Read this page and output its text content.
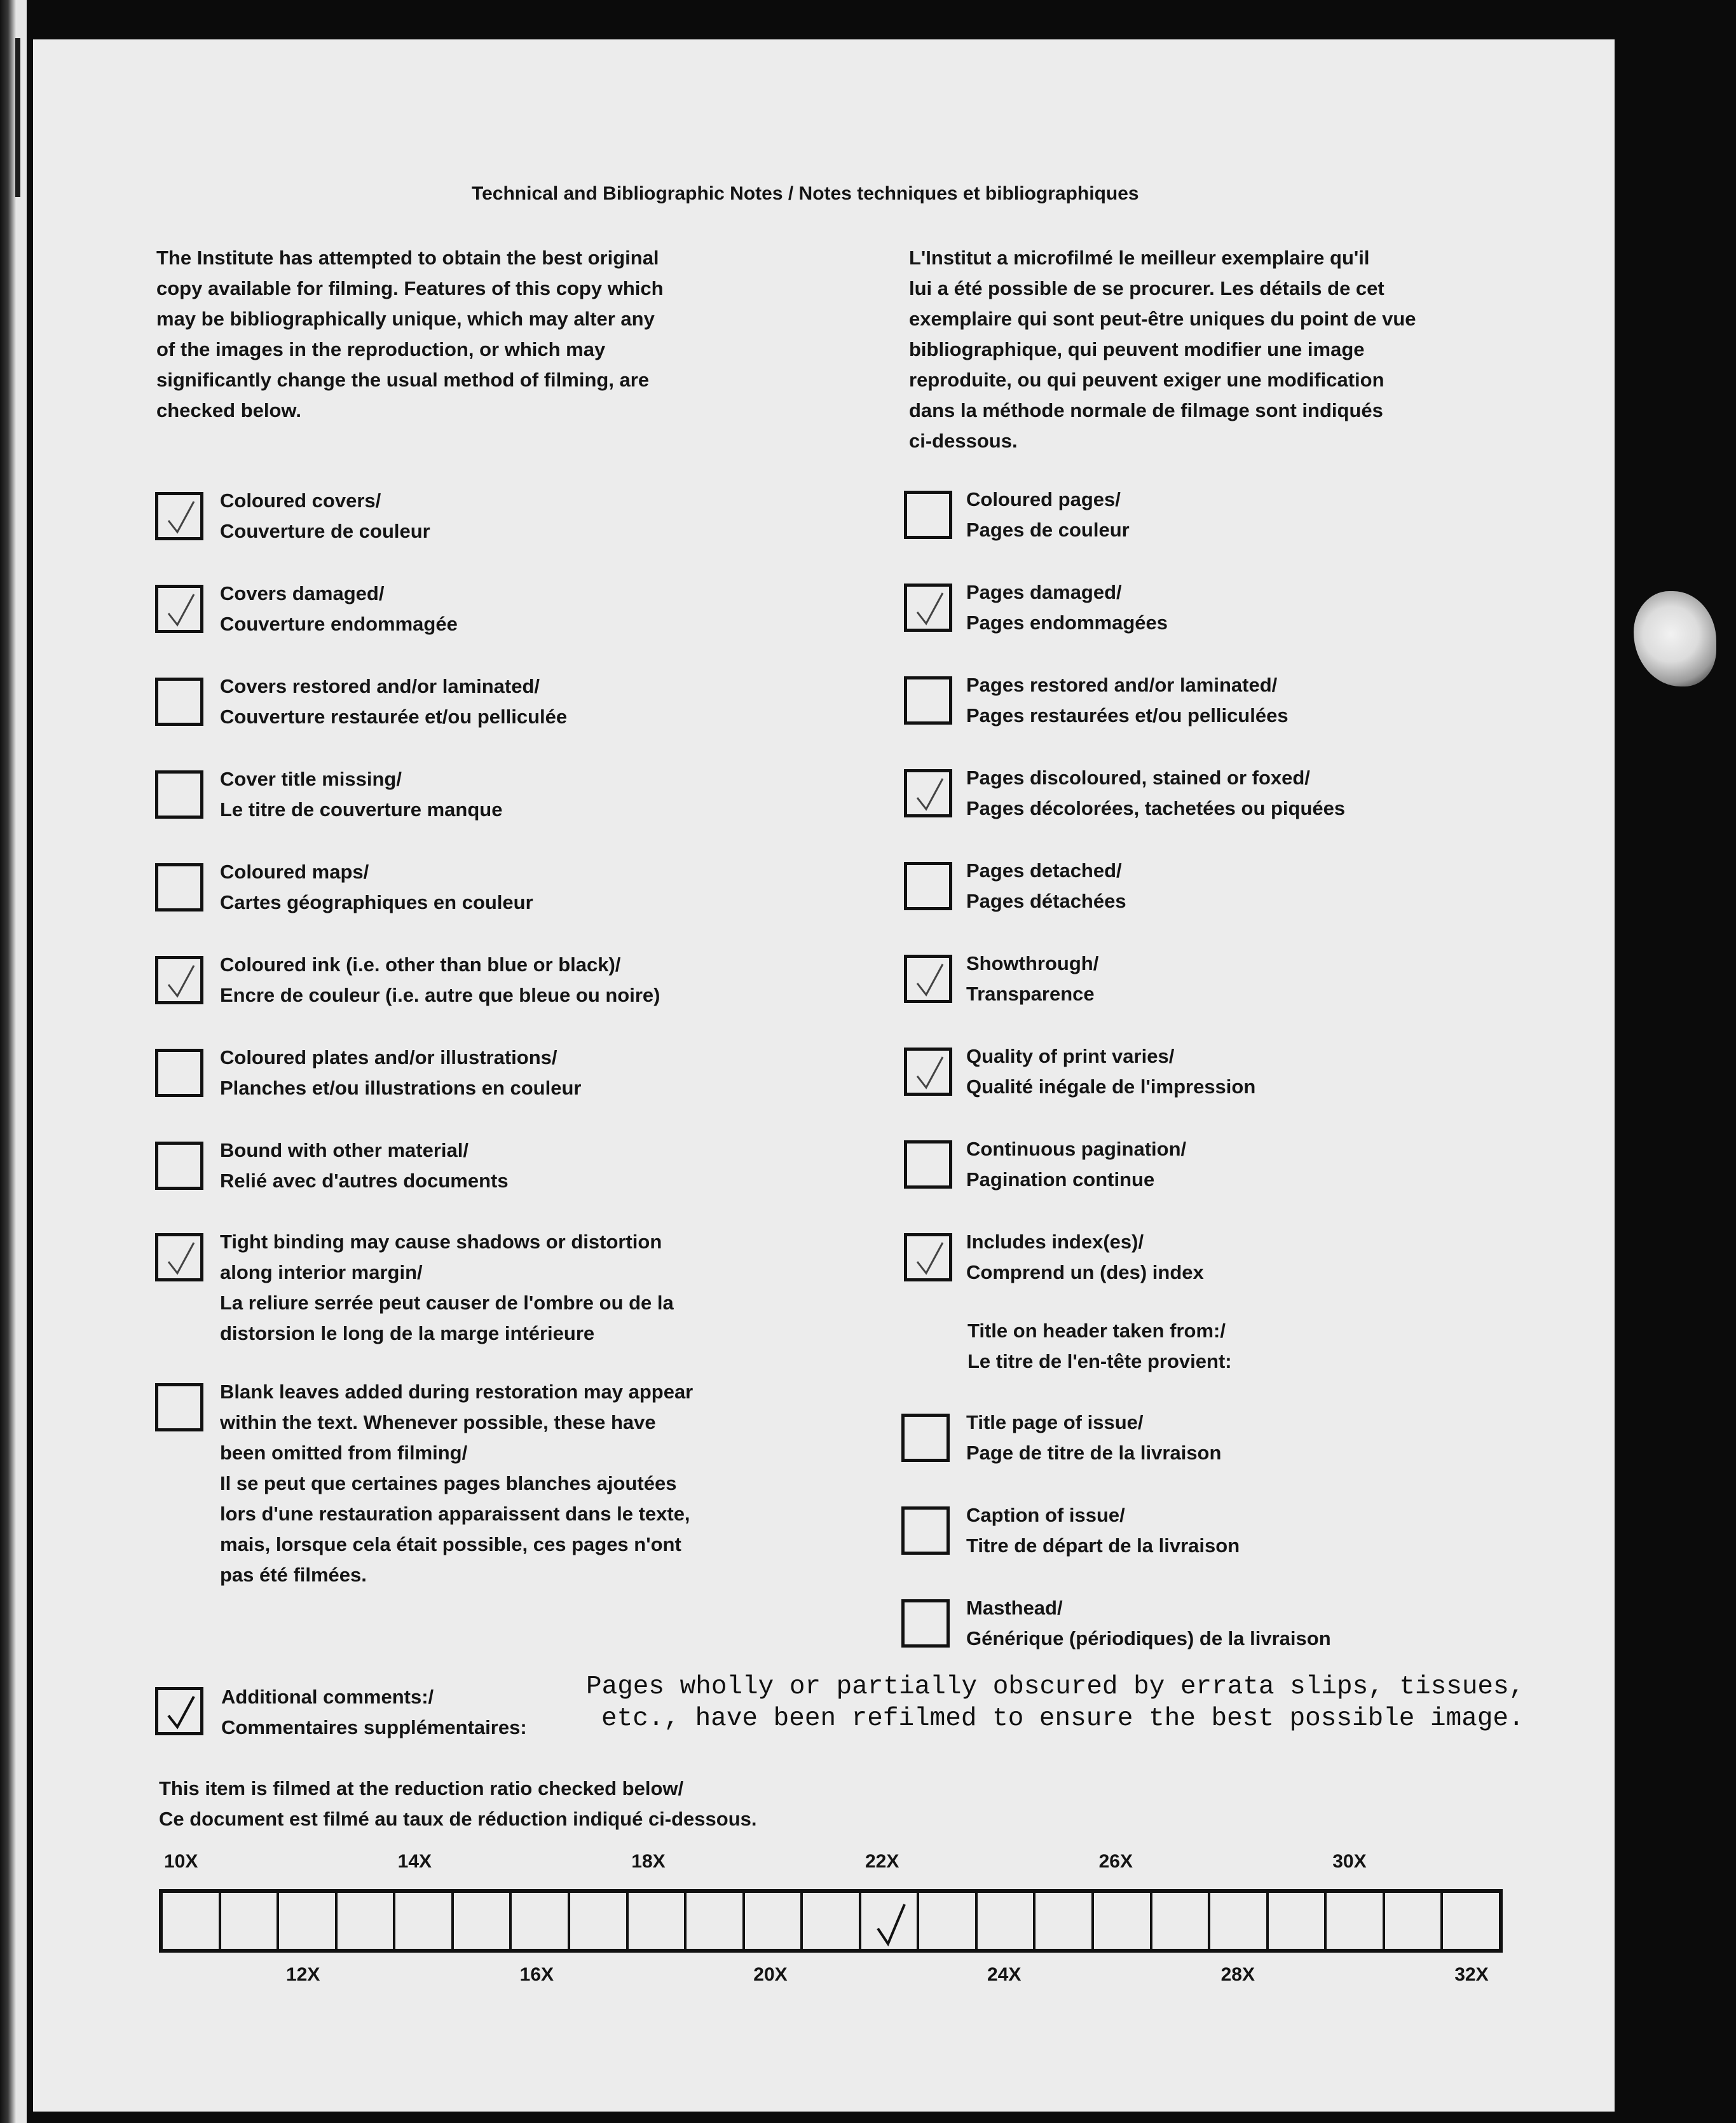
Technical and Bibliographic Notes / Notes techniques et bibliographiques
The Institute has attempted to obtain the best original
copy available for filming. Features of this copy which
may be bibliographically unique, which may alter any
of the images in the reproduction, or which may
significantly change the usual method of filming, are
checked below.
L'Institut a microfilmé le meilleur exemplaire qu'il
lui a été possible de se procurer. Les détails de cet
exemplaire qui sont peut-être uniques du point de vue
bibliographique, qui peuvent modifier une image
reproduite, ou qui peuvent exiger une modification
dans la méthode normale de filmage sont indiqués
ci-dessous.
Coloured covers/
Couverture de couleur
Covers damaged/
Couverture endommagée
Covers restored and/or laminated/
Couverture restaurée et/ou pelliculée
Cover title missing/
Le titre de couverture manque
Coloured maps/
Cartes géographiques en couleur
Coloured ink (i.e. other than blue or black)/
Encre de couleur (i.e. autre que bleue ou noire)
Coloured plates and/or illustrations/
Planches et/ou illustrations en couleur
Bound with other material/
Relié avec d'autres documents
Tight binding may cause shadows or distortion
along interior margin/
La reliure serrée peut causer de l'ombre ou de la
distorsion le long de la marge intérieure
Blank leaves added during restoration may appear
within the text. Whenever possible, these have
been omitted from filming/
Il se peut que certaines pages blanches ajoutées
lors d'une restauration apparaissent dans le texte,
mais, lorsque cela était possible, ces pages n'ont
pas été filmées.
Coloured pages/
Pages de couleur
Pages damaged/
Pages endommagées
Pages restored and/or laminated/
Pages restaurées et/ou pelliculées
Pages discoloured, stained or foxed/
Pages décolorées, tachetées ou piquées
Pages detached/
Pages détachées
Showthrough/
Transparence
Quality of print varies/
Qualité inégale de l'impression
Continuous pagination/
Pagination continue
Includes index(es)/
Comprend un (des) index
Title on header taken from:/
Le titre de l'en-tête provient:
Title page of issue/
Page de titre de la livraison
Caption of issue/
Titre de départ de la livraison
Masthead/
Générique (périodiques) de la livraison
Additional comments:/
Commentaires supplémentaires:
Pages wholly or partially obscured by errata slips, tissues,
etc., have been refilmed to ensure the best possible image.
This item is filmed at the reduction ratio checked below/
Ce document est filmé au taux de réduction indiqué ci-dessous.
10X	14X	18X	22X	26X	30X
12X	16X	20X	24X	28X	32X
